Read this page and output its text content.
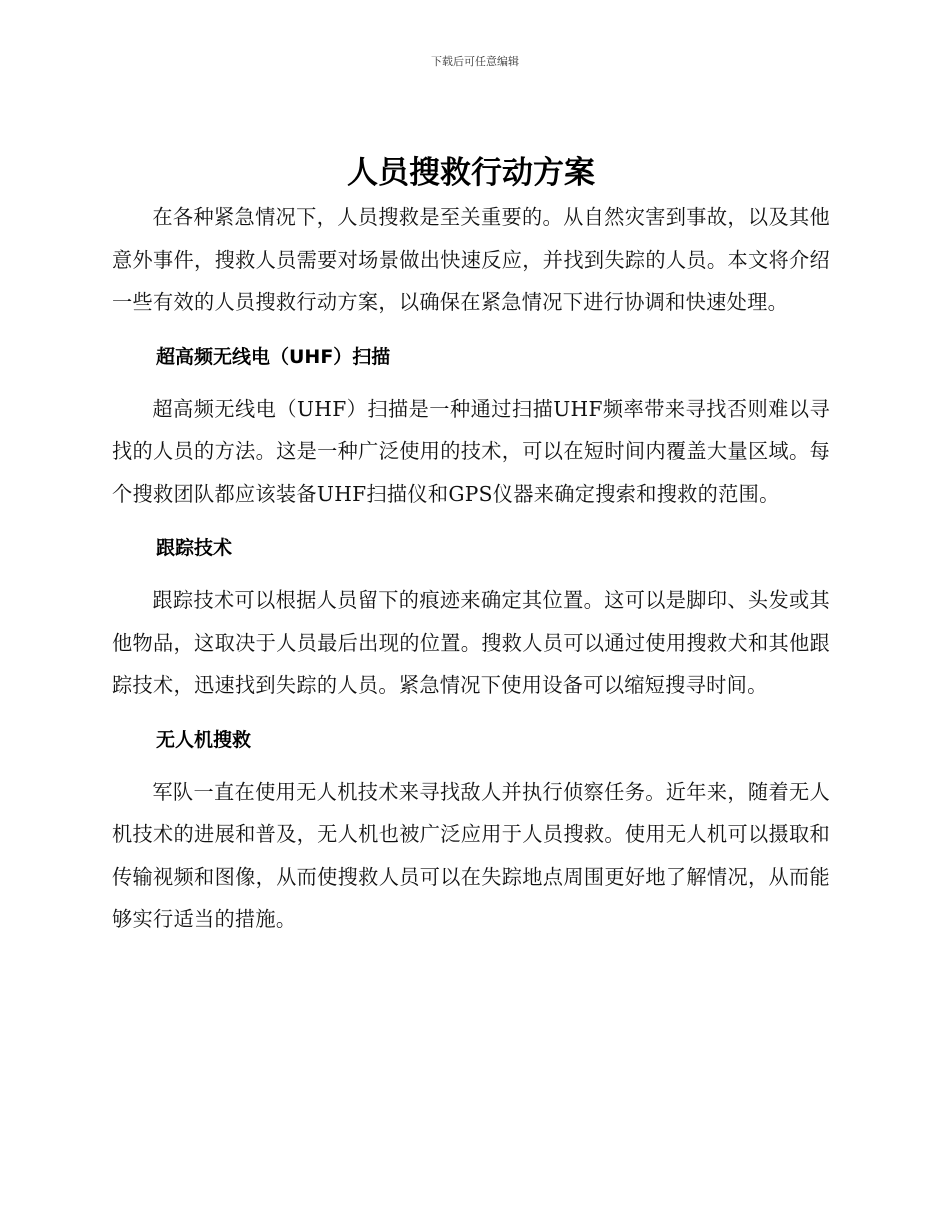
下载后可任意编辑
人员搜救行动方案

在各种紧急情况下，人员搜救是至关重要的。从自然灾害到事故，以及其他意外事件，搜救人员需要对场景做出快速反应，并找到失踪的人员。本文将介绍一些有效的人员搜救行动方案，以确保在紧急情况下进行协调和快速处理。

超高频无线电（UHF）扫描

超高频无线电（UHF）扫描是一种通过扫描UHF频率带来寻找否则难以寻找的人员的方法。这是一种广泛使用的技术，可以在短时间内覆盖大量区域。每个搜救团队都应该装备UHF扫描仪和GPS仪器来确定搜索和搜救的范围。

跟踪技术

跟踪技术可以根据人员留下的痕迹来确定其位置。这可以是脚印、头发或其他物品，这取决于人员最后出现的位置。搜救人员可以通过使用搜救犬和其他跟踪技术，迅速找到失踪的人员。紧急情况下使用设备可以缩短搜寻时间。

无人机搜救

军队一直在使用无人机技术来寻找敌人并执行侦察任务。近年来，随着无人机技术的进展和普及，无人机也被广泛应用于人员搜救。使用无人机可以摄取和传输视频和图像，从而使搜救人员可以在失踪地点周围更好地了解情况，从而能够实行适当的措施。
